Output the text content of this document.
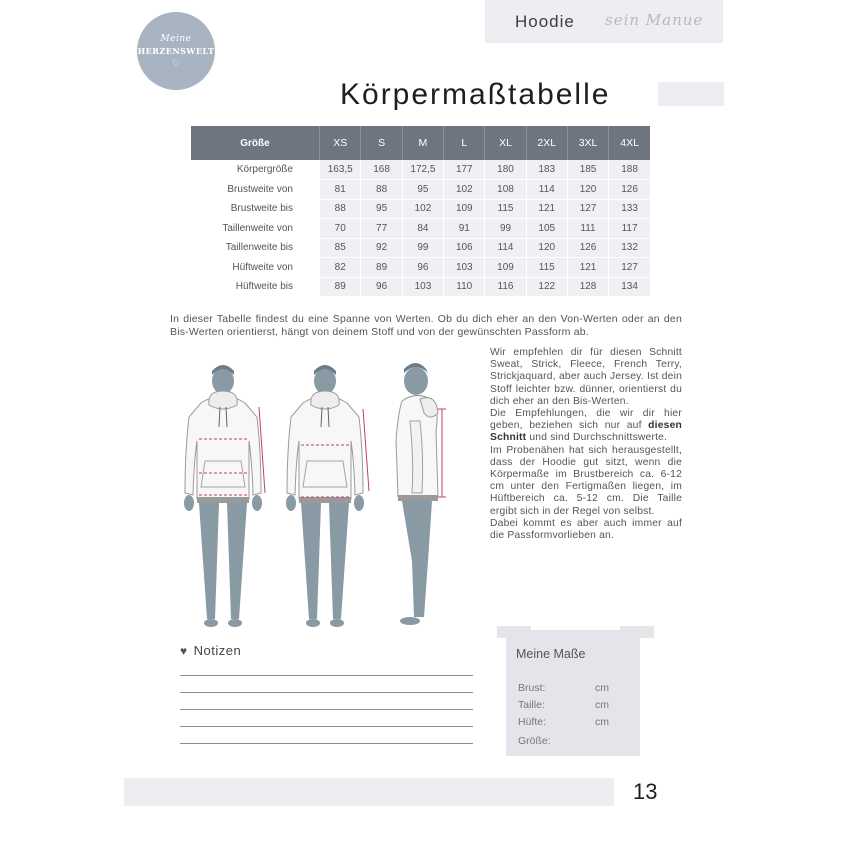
Meine
HERZENSWELT
♡
Hoodie sein Manue
Körpermaßtabelle
Größe	XS	S	M	L	XL	2XL	3XL	4XL
Körpergröße	163,5	168	172,5	177	180	183	185	188
Brustweite von	81	88	95	102	108	114	120	126
Brustweite bis	88	95	102	109	115	121	127	133
Taillenweite von	70	77	84	91	99	105	111	117
Taillenweite bis	85	92	99	106	114	120	126	132
Hüftweite von	82	89	96	103	109	115	121	127
Hüftweite bis	89	96	103	110	116	122	128	134

In dieser Tabelle findest du eine Spanne von Werten. Ob du dich eher an den Von-Werten oder an den Bis-Werten orientierst, hängt von deinem Stoff und von der gewünschten Passform ab.

Wir empfehlen dir für diesen Schnitt Sweat, Strick, Fleece, French Terry, Strickjaquard, aber auch Jersey. Ist dein Stoff leichter bzw. dünner, orientierst du dich eher an den Bis-Werten.

Die Empfehlungen, die wir dir hier geben, beziehen sich nur auf diesen Schnitt und sind Durchschnittswerte.

Im Probenähen hat sich herausgestellt, dass der Hoodie gut sitzt, wenn die Körpermaße im Brustbereich ca. 6-12 cm unter den Fertigmaßen liegen, im Hüftbereich ca. 5-12 cm. Die Taille ergibt sich in der Regel von selbst.

Dabei kommt es aber auch immer auf die Passformvorlieben an.

♥ Notizen	Meine Maße
Brust:	cm
Taille:	cm
Hüfte:	cm
Größe:
13
